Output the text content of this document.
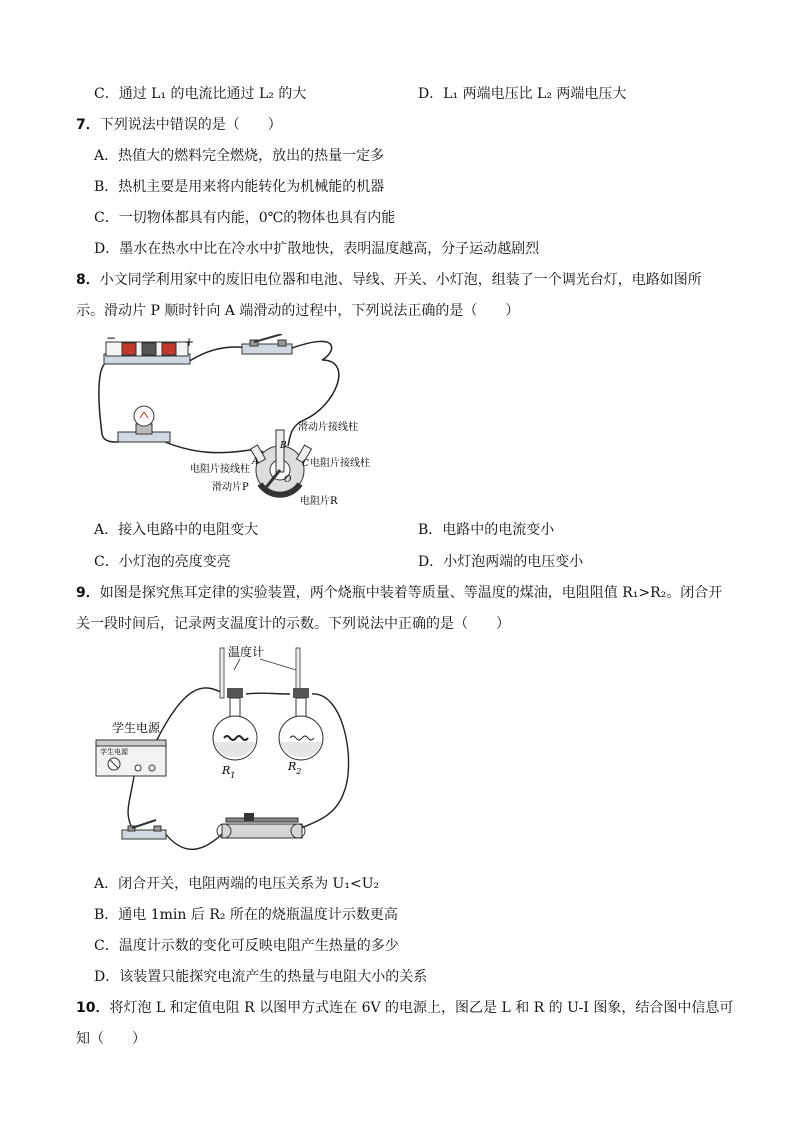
C．通过 L₁ 的电流比通过 L₂ 的大	D．L₁ 两端电压比 L₂ 两端电压大
7．下列说法中错误的是（　　）
A．热值大的燃料完全燃烧，放出的热量一定多
B．热机主要是用来将内能转化为机械能的机器
C．一切物体都具有内能，0℃的物体也具有内能
D．墨水在热水中比在冷水中扩散地快，表明温度越高，分子运动越剧烈
8．小文同学利用家中的废旧电位器和电池、导线、开关、小灯泡，组装了一个调光台灯，电路如图所
示。滑动片 P 顺时针向 A 端滑动的过程中，下列说法正确的是（　　）
−	+
A
B
C
O
滑动片接线柱
电阻片接线柱
电阻片接线柱
滑动片P
电阻片R
A．接入电路中的电阻变大	B．电路中的电流变小
C．小灯泡的亮度变亮	D．小灯泡两端的电压变小
9．如图是探究焦耳定律的实验装置，两个烧瓶中装着等质量、等温度的煤油，电阻阻值 R₁>R₂。闭合开
关一段时间后，记录两支温度计的示数。下列说法中正确的是（　　）
温度计
$R_1$
$R_2$
学生电源
学生电源
A．闭合开关，电阻两端的电压关系为 U₁<U₂
B．通电 1min 后 R₂ 所在的烧瓶温度计示数更高
C．温度计示数的变化可反映电阻产生热量的多少
D．该装置只能探究电流产生的热量与电阻大小的关系
10．将灯泡 L 和定值电阻 R 以图甲方式连在 6V 的电源上，图乙是 L 和 R 的 U-I 图象，结合图中信息可
知（　　）
